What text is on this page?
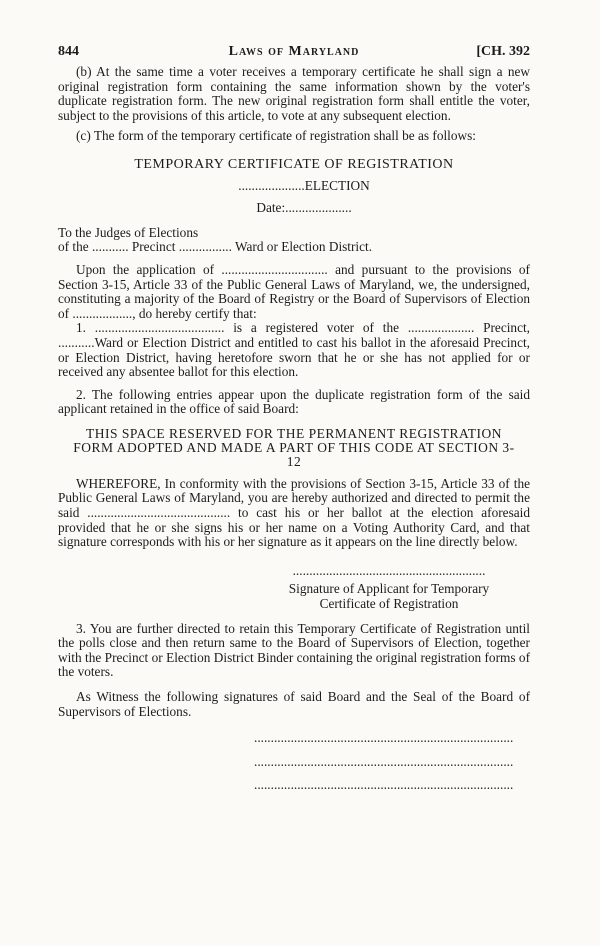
844	Laws of Maryland	[CH. 392

(b) At the same time a voter receives a temporary certificate he shall sign a new original registration form containing the same information shown by the voter's duplicate registration form. The new original registration form shall entitle the voter, subject to the provisions of this article, to vote at any subsequent election.

(c) The form of the temporary certificate of registration shall be as follows:

TEMPORARY CERTIFICATE OF REGISTRATION

....................ELECTION

Date:....................

To the Judges of Elections

of the ........... Precinct ................ Ward or Election District.

Upon the application of ................................ and pursuant to the provisions of Section 3-15, Article 33 of the Public General Laws of Maryland, we, the undersigned, constituting a majority of the Board of Registry or the Board of Supervisors of Election of .................., do hereby certify that:

1. ....................................... is a registered voter of the .................... Precinct, ...........Ward or Election District and entitled to cast his ballot in the aforesaid Precinct, or Election District, having heretofore sworn that he or she has not applied for or received any absentee ballot for this election.

2. The following entries appear upon the duplicate registration form of the said applicant retained in the office of said Board:

THIS SPACE RESERVED FOR THE PERMANENT REGISTRATION FORM ADOPTED AND MADE A PART OF THIS CODE AT SECTION 3-12

WHEREFORE, In conformity with the provisions of Section 3-15, Article 33 of the Public General Laws of Maryland, you are hereby authorized and directed to permit the said ........................................... to cast his or her ballot at the election aforesaid provided that he or she signs his or her name on a Voting Authority Card, and that signature corresponds with his or her signature as it appears on the line directly below.

..........................................................

Signature of Applicant for Temporary

Certificate of Registration

3. You are further directed to retain this Temporary Certificate of Registration until the polls close and then return same to the Board of Supervisors of Election, together with the Precinct or Election District Binder containing the original registration forms of the voters.

As Witness the following signatures of said Board and the Seal of the Board of Supervisors of Elections.

..............................................................................

..............................................................................

..............................................................................
